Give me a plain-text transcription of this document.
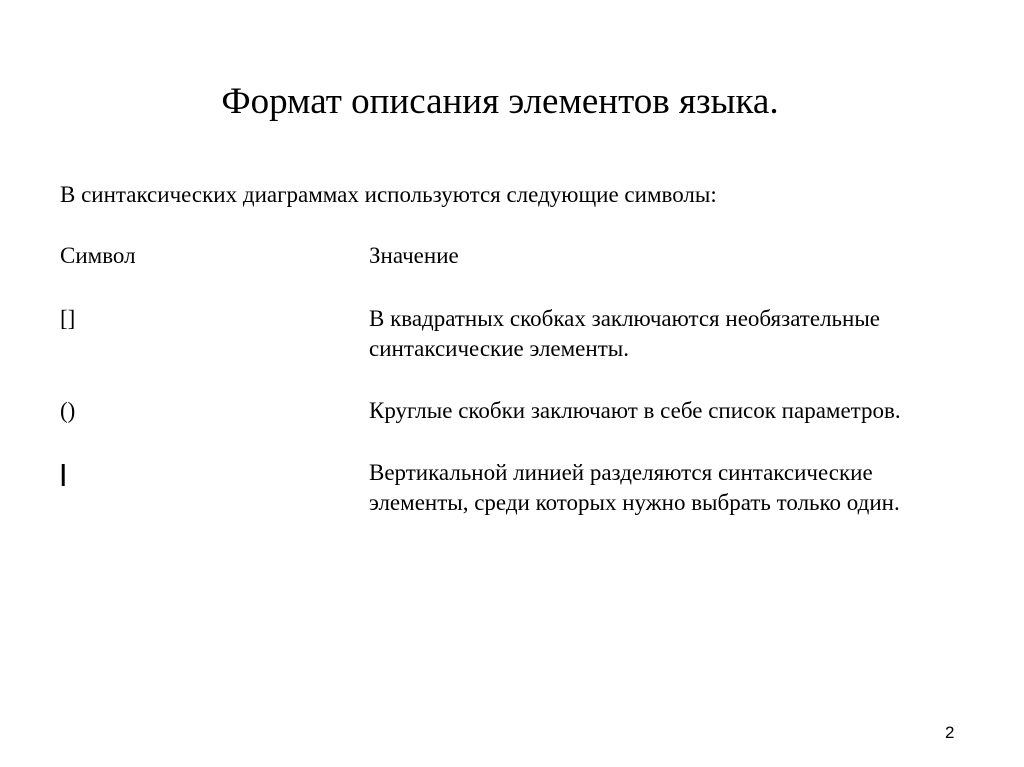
Формат описания элементов языка.
В синтаксических диаграммах используются следующие символы:
Символ	Значение
[]	В квадратных скобках заключаются необязательные
синтаксические элементы.
()	Круглые скобки заключают в себе список параметров.
|	Вертикальной линией разделяются синтаксические
элементы, среди которых нужно выбрать только один.
2
